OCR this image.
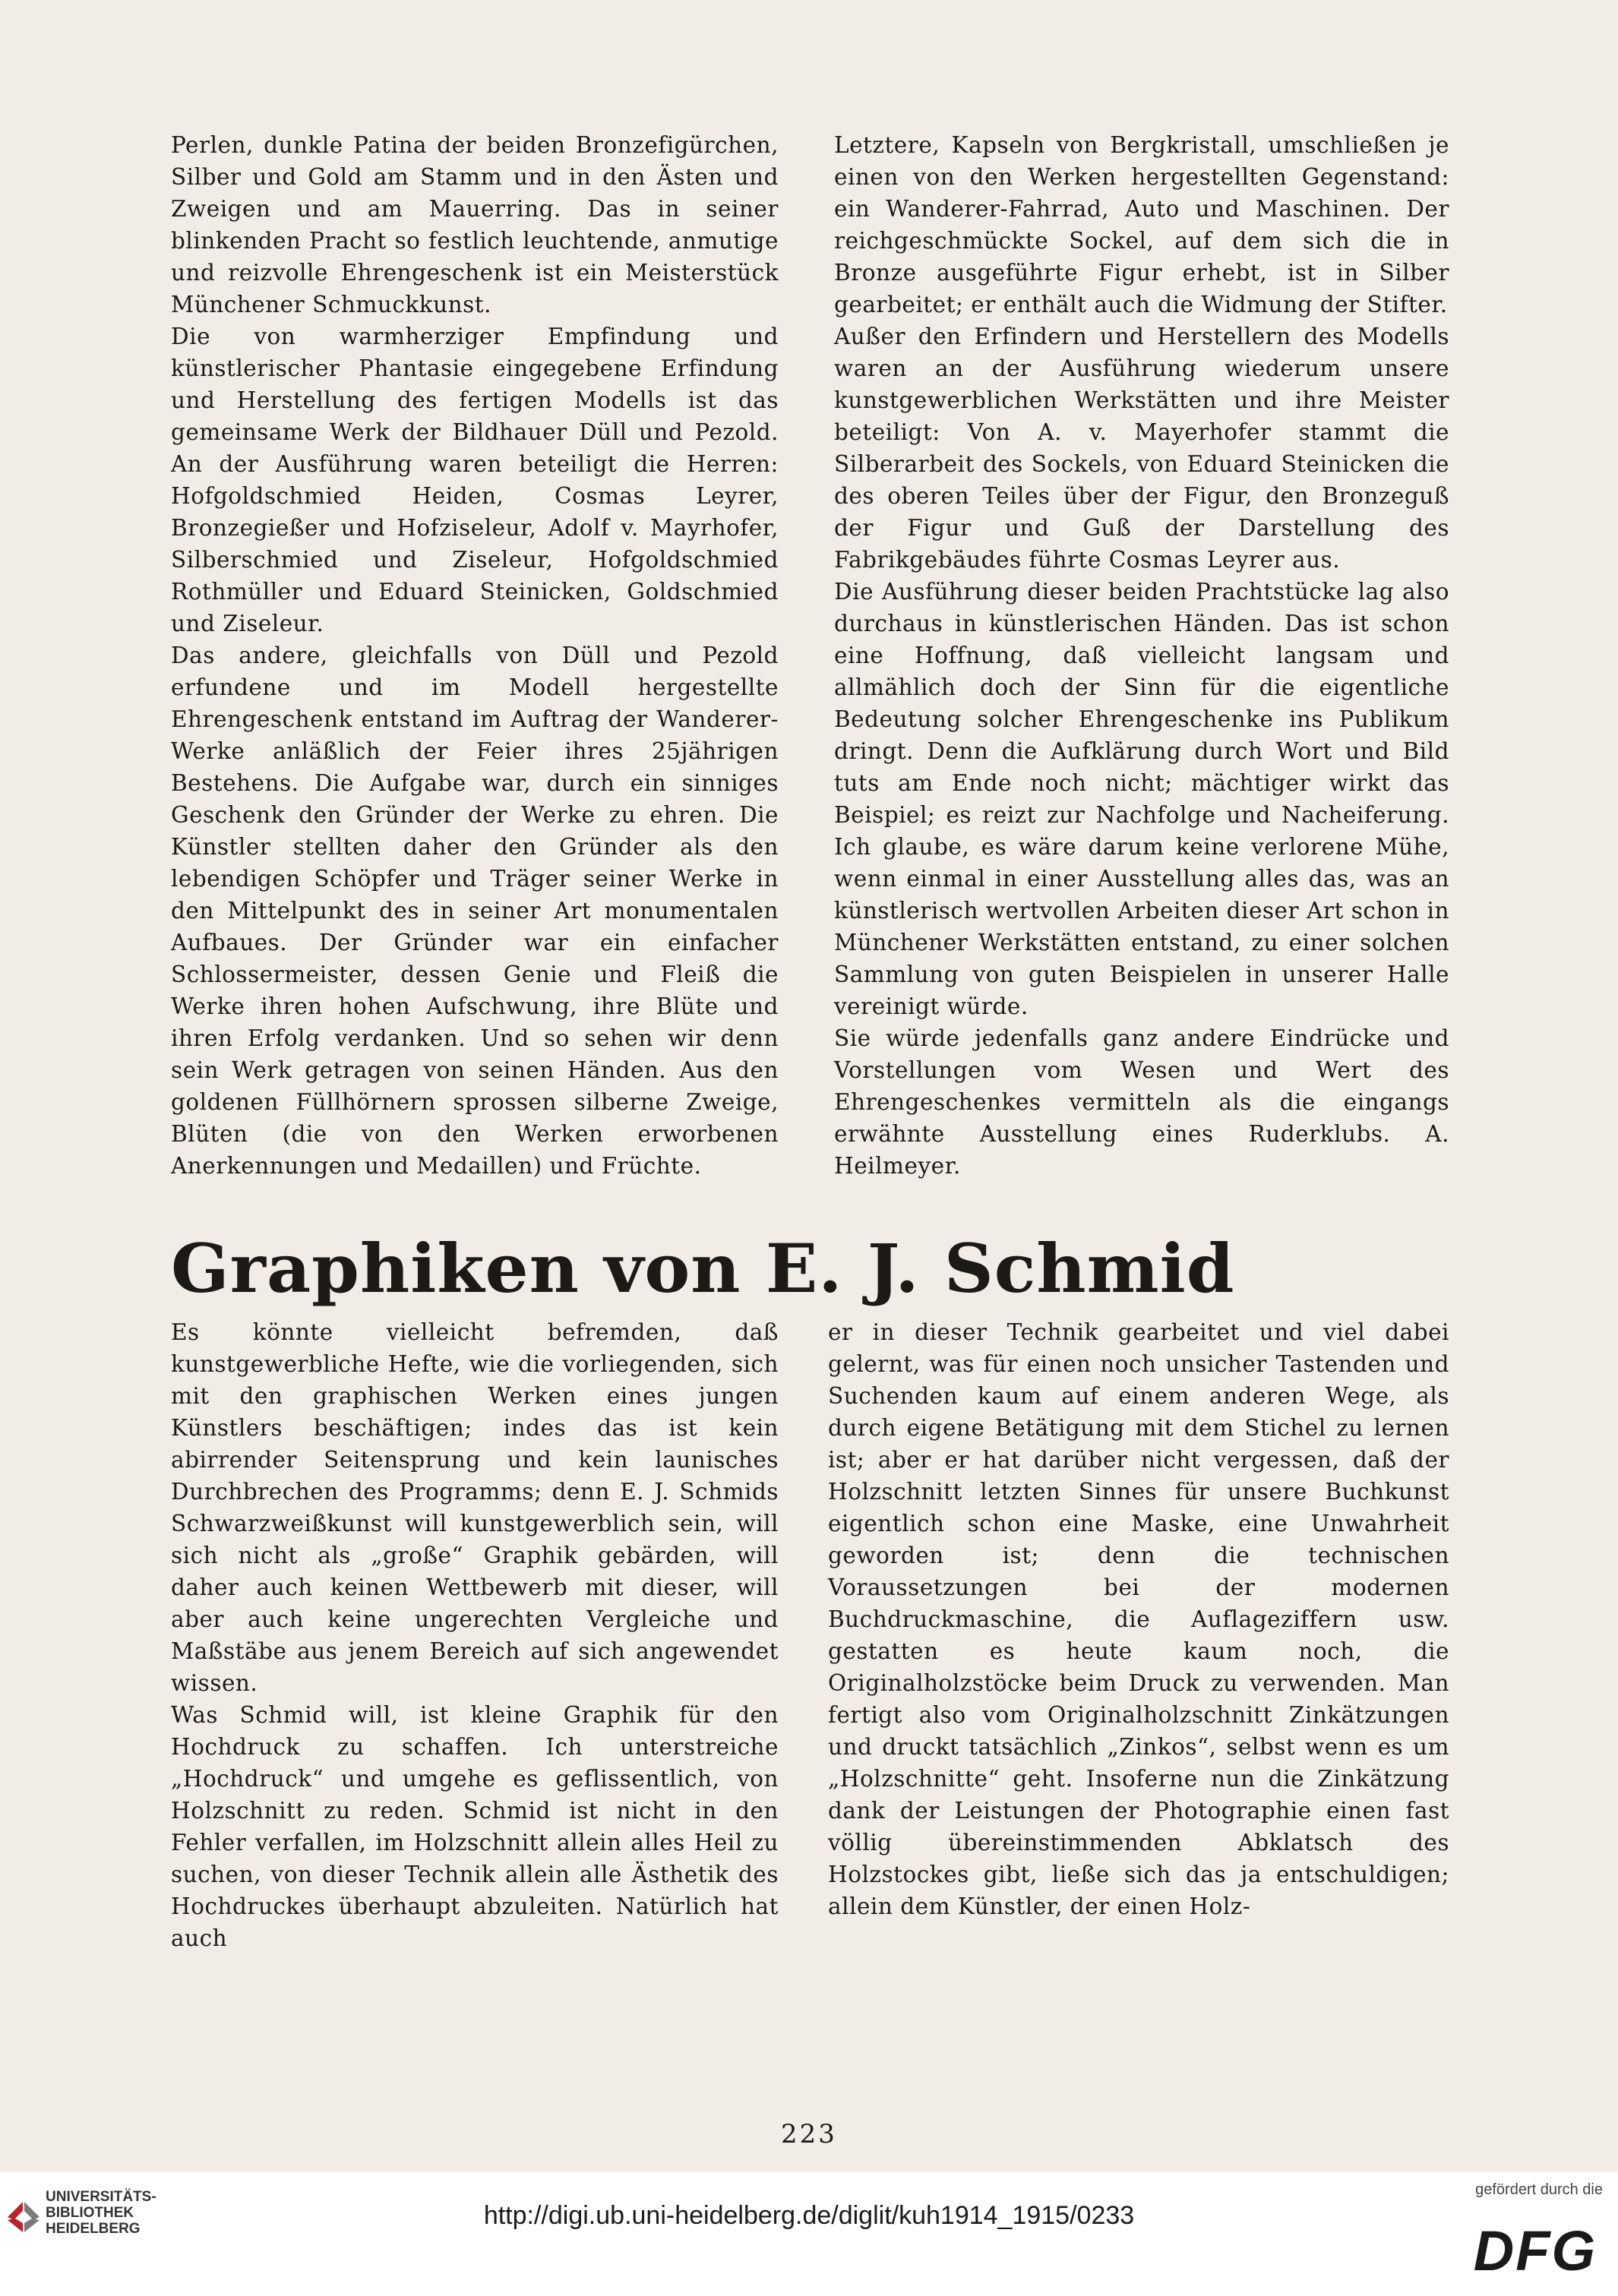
Perlen, dunkle Patina der beiden Bronzefigürchen, Silber und Gold am Stamm und in den Ästen und Zweigen und am Mauerring. Das in seiner blinkenden Pracht so festlich leuchtende, anmutige und reizvolle Ehrengeschenk ist ein Meisterstück Münchener Schmuckkunst.

Die von warmherziger Empfindung und künstlerischer Phantasie eingegebene Erfindung und Herstellung des fertigen Modells ist das gemeinsame Werk der Bildhauer Düll und Pezold. An der Ausführung waren beteiligt die Herren: Hofgoldschmied Heiden, Cosmas Leyrer, Bronzegießer und Hofziseleur, Adolf v. Mayrhofer, Silberschmied und Ziseleur, Hofgoldschmied Rothmüller und Eduard Steinicken, Goldschmied und Ziseleur.

Das andere, gleichfalls von Düll und Pezold erfundene und im Modell hergestellte Ehrengeschenk entstand im Auftrag der Wanderer-Werke anläßlich der Feier ihres 25jährigen Bestehens. Die Aufgabe war, durch ein sinniges Geschenk den Gründer der Werke zu ehren. Die Künstler stellten daher den Gründer als den lebendigen Schöpfer und Träger seiner Werke in den Mittelpunkt des in seiner Art monumentalen Aufbaues. Der Gründer war ein einfacher Schlossermeister, dessen Genie und Fleiß die Werke ihren hohen Aufschwung, ihre Blüte und ihren Erfolg verdanken. Und so sehen wir denn sein Werk getragen von seinen Händen. Aus den goldenen Füllhörnern sprossen silberne Zweige, Blüten (die von den Werken erworbenen Anerkennungen und Medaillen) und Früchte.

Letztere, Kapseln von Bergkristall, umschließen je einen von den Werken hergestellten Gegenstand: ein Wanderer-Fahrrad, Auto und Maschinen. Der reichgeschmückte Sockel, auf dem sich die in Bronze ausgeführte Figur erhebt, ist in Silber gearbeitet; er enthält auch die Widmung der Stifter.

Außer den Erfindern und Herstellern des Modells waren an der Ausführung wiederum unsere kunstgewerblichen Werkstätten und ihre Meister beteiligt: Von A. v. Mayerhofer stammt die Silberarbeit des Sockels, von Eduard Steinicken die des oberen Teiles über der Figur, den Bronzeguß der Figur und Guß der Darstellung des Fabrikgebäudes führte Cosmas Leyrer aus.

Die Ausführung dieser beiden Prachtstücke lag also durchaus in künstlerischen Händen. Das ist schon eine Hoffnung, daß vielleicht langsam und allmählich doch der Sinn für die eigentliche Bedeutung solcher Ehrengeschenke ins Publikum dringt. Denn die Aufklärung durch Wort und Bild tuts am Ende noch nicht; mächtiger wirkt das Beispiel; es reizt zur Nachfolge und Nacheiferung. Ich glaube, es wäre darum keine verlorene Mühe, wenn einmal in einer Ausstellung alles das, was an künstlerisch wertvollen Arbeiten dieser Art schon in Münchener Werkstätten entstand, zu einer solchen Sammlung von guten Beispielen in unserer Halle vereinigt würde.

Sie würde jedenfalls ganz andere Eindrücke und Vorstellungen vom Wesen und Wert des Ehrengeschenkes vermitteln als die eingangs erwähnte Ausstellung eines Ruderklubs. A. Heilmeyer.

Graphiken von E. J. Schmid

Es könnte vielleicht befremden, daß kunstgewerbliche Hefte, wie die vorliegenden, sich mit den graphischen Werken eines jungen Künstlers beschäftigen; indes das ist kein abirrender Seitensprung und kein launisches Durchbrechen des Programms; denn E. J. Schmids Schwarzweißkunst will kunstgewerblich sein, will sich nicht als „große“ Graphik gebärden, will daher auch keinen Wettbewerb mit dieser, will aber auch keine ungerechten Vergleiche und Maßstäbe aus jenem Bereich auf sich angewendet wissen.

Was Schmid will, ist kleine Graphik für den Hochdruck zu schaffen. Ich unterstreiche „Hochdruck“ und umgehe es geflissentlich, von Holzschnitt zu reden. Schmid ist nicht in den Fehler verfallen, im Holzschnitt allein alles Heil zu suchen, von dieser Technik allein alle Ästhetik des Hochdruckes überhaupt abzuleiten. Natürlich hat auch

er in dieser Technik gearbeitet und viel dabei gelernt, was für einen noch unsicher Tastenden und Suchenden kaum auf einem anderen Wege, als durch eigene Betätigung mit dem Stichel zu lernen ist; aber er hat darüber nicht vergessen, daß der Holzschnitt letzten Sinnes für unsere Buchkunst eigentlich schon eine Maske, eine Unwahrheit geworden ist; denn die technischen Voraussetzungen bei der modernen Buchdruckmaschine, die Auflageziffern usw. gestatten es heute kaum noch, die Originalholzstöcke beim Druck zu verwenden. Man fertigt also vom Originalholzschnitt Zinkätzungen und druckt tatsächlich „Zinkos“, selbst wenn es um „Holzschnitte“ geht. Insoferne nun die Zinkätzung dank der Leistungen der Photographie einen fast völlig übereinstimmenden Abklatsch des Holzstockes gibt, ließe sich das ja entschuldigen; allein dem Künstler, der einen Holz-

223
UNIVERSITÄTS-
BIBLIOTHEK
HEIDELBERG	http://digi.ub.uni-heidelberg.de/diglit/kuh1914_1915/0233
gefördert durch die
DFG
